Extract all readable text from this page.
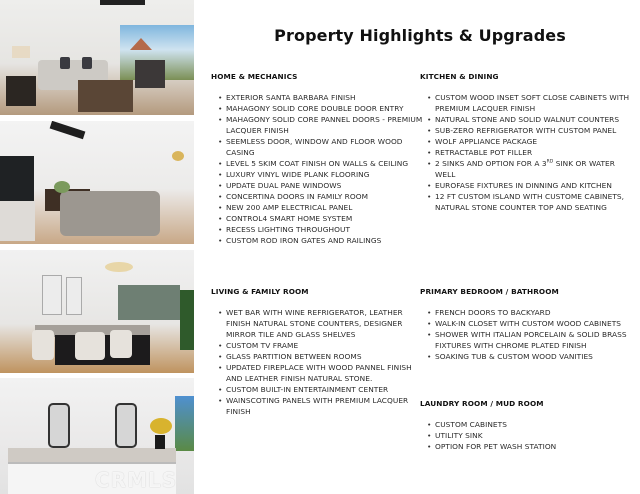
CRMLS
Property Highlights & Upgrades
HOME & MECHANICS
• EXTERIOR SANTA BARBARA FINISH
• MAHAGONY SOLID CORE DOUBLE DOOR ENTRY
• MAHAGONY SOLID CORE PANNEL DOORS - PREMIUM LACQUER FINISH
• SEEMLESS DOOR, WINDOW AND FLOOR WOOD CASING
• LEVEL 5 SKIM COAT FINISH ON WALLS & CEILING
• LUXURY VINYL WIDE PLANK FLOORING
• UPDATE DUAL PANE WINDOWS
• CONCERTINA DOORS IN FAMILY ROOM
• NEW 200 AMP ELECTRICAL PANEL
• CONTROL4 SMART HOME SYSTEM
• RECESS LIGHTING THROUGHOUT
• CUSTOM ROD IRON GATES AND RAILINGS
LIVING & FAMILY ROOM
• WET BAR WITH WINE REFRIGERATOR, LEATHER FINISH NATURAL STONE COUNTERS, DESIGNER MIRROR TILE AND GLASS SHELVES
• CUSTOM TV FRAME
• GLASS PARTITION BETWEEN ROOMS
• UPDATED FIREPLACE WITH WOOD PANNEL FINISH AND LEATHER FINISH NATURAL STONE.
• CUSTOM BUILT-IN ENTERTAINMENT CENTER
• WAINSCOTING PANELS WITH PREMIUM LACQUER FINISH
KITCHEN & DINING
• CUSTOM WOOD INSET SOFT CLOSE CABINETS WITH PREMIUM LACQUER FINISH
• NATURAL STONE AND SOLID WALNUT COUNTERS
• SUB-ZERO REFRIGERATOR WITH CUSTOM PANEL
• WOLF APPLIANCE PACKAGE
• RETRACTABLE POT FILLER
• 2 SINKS AND OPTION FOR A 3RD SINK OR WATER WELL
• EUROFASE FIXTURES IN DINNING AND KITCHEN
• 12 FT CUSTOM ISLAND WITH CUSTOME CABINETS, NATURAL STONE COUNTER TOP AND SEATING
PRIMARY BEDROOM / BATHROOM
• FRENCH DOORS TO BACKYARD
• WALK-IN CLOSET WITH CUSTOM WOOD CABINETS
• SHOWER WITH ITALIAN PORCELAIN & SOLID BRASS FIXTURES WITH CHROME PLATED FINISH
• SOAKING TUB & CUSTOM WOOD VANITIES
LAUNDRY ROOM / MUD ROOM
• CUSTOM CABINETS
• UTILITY SINK
• OPTION FOR PET WASH STATION
